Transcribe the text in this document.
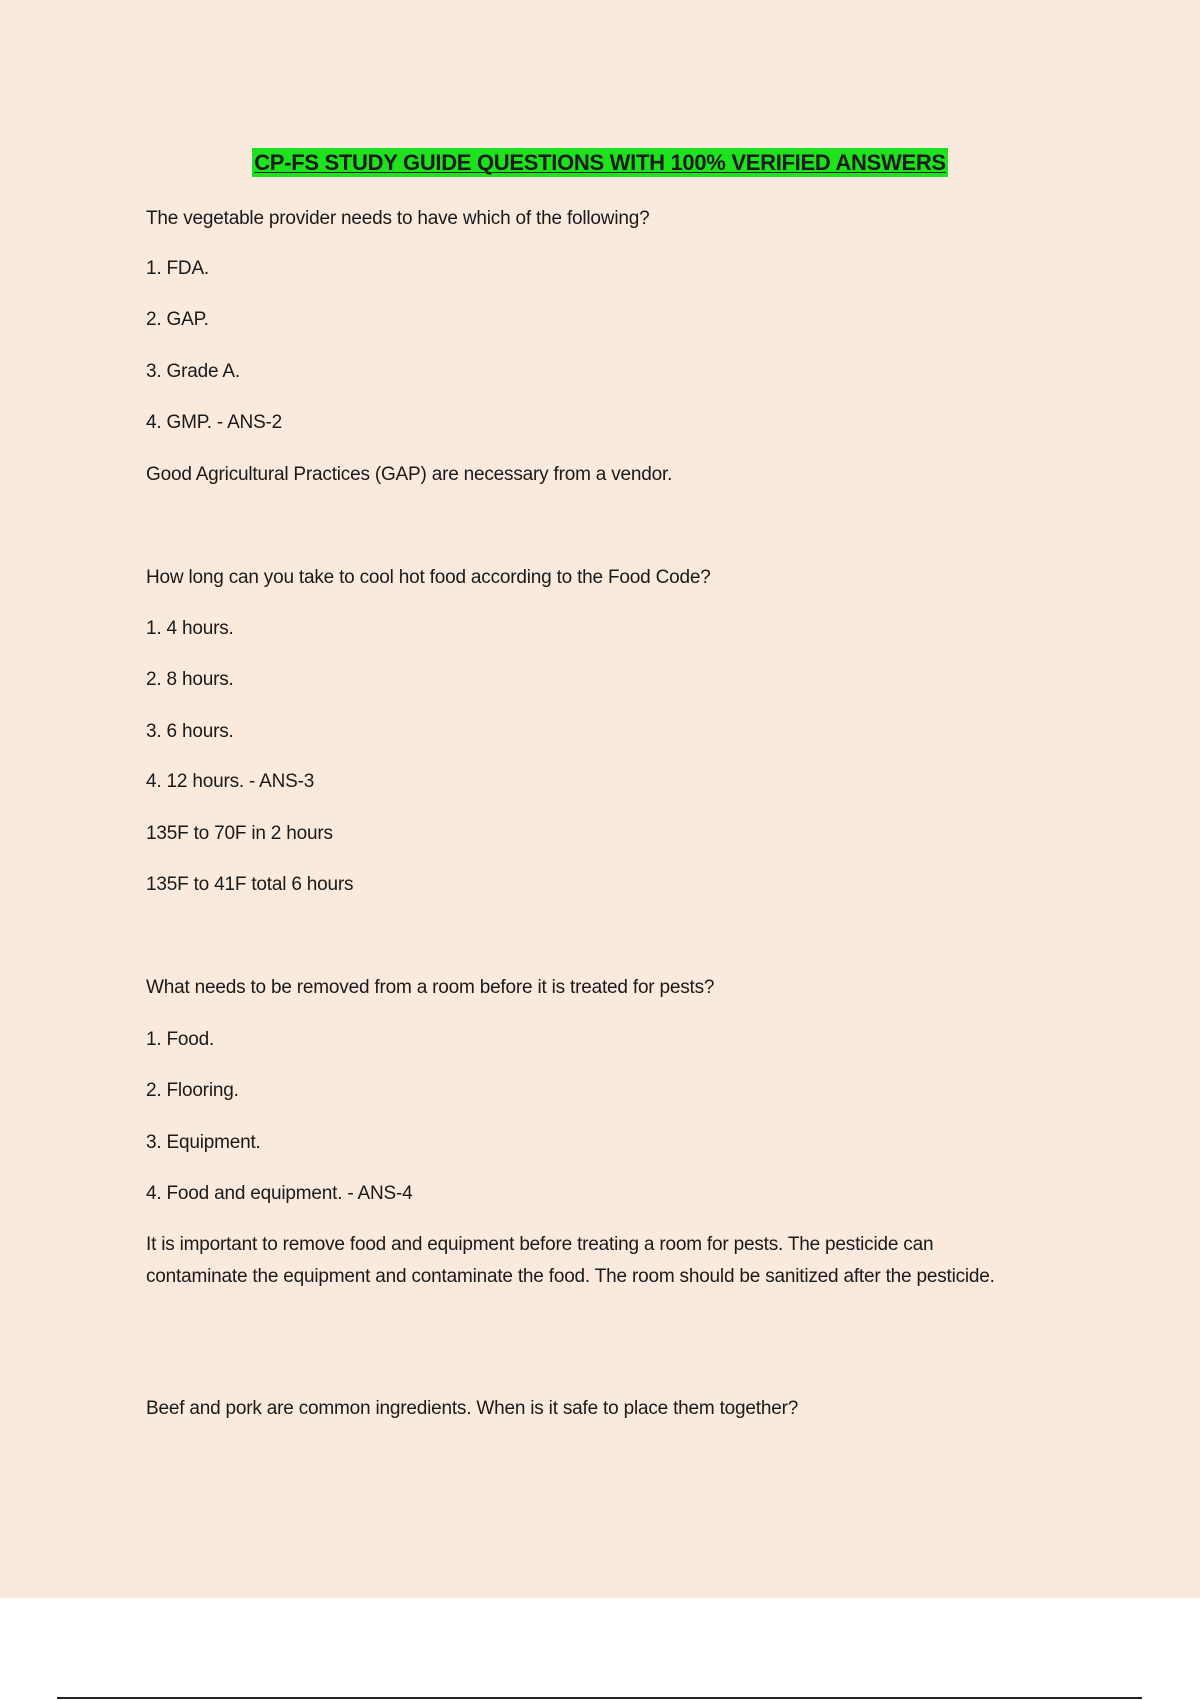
CP-FS STUDY GUIDE QUESTIONS WITH 100% VERIFIED ANSWERS
The vegetable provider needs to have which of the following?
1. FDA.
2. GAP.
3. Grade A.
4. GMP. - ANS-2
Good Agricultural Practices (GAP) are necessary from a vendor.
How long can you take to cool hot food according to the Food Code?
1. 4 hours.
2. 8 hours.
3. 6 hours.
4. 12 hours. - ANS-3
135F to 70F in 2 hours
135F to 41F total 6 hours
What needs to be removed from a room before it is treated for pests?
1. Food.
2. Flooring.
3. Equipment.
4. Food and equipment. - ANS-4
It is important to remove food and equipment before treating a room for pests. The pesticide can contaminate the equipment and contaminate the food. The room should be sanitized after the pesticide.
Beef and pork are common ingredients. When is it safe to place them together?
